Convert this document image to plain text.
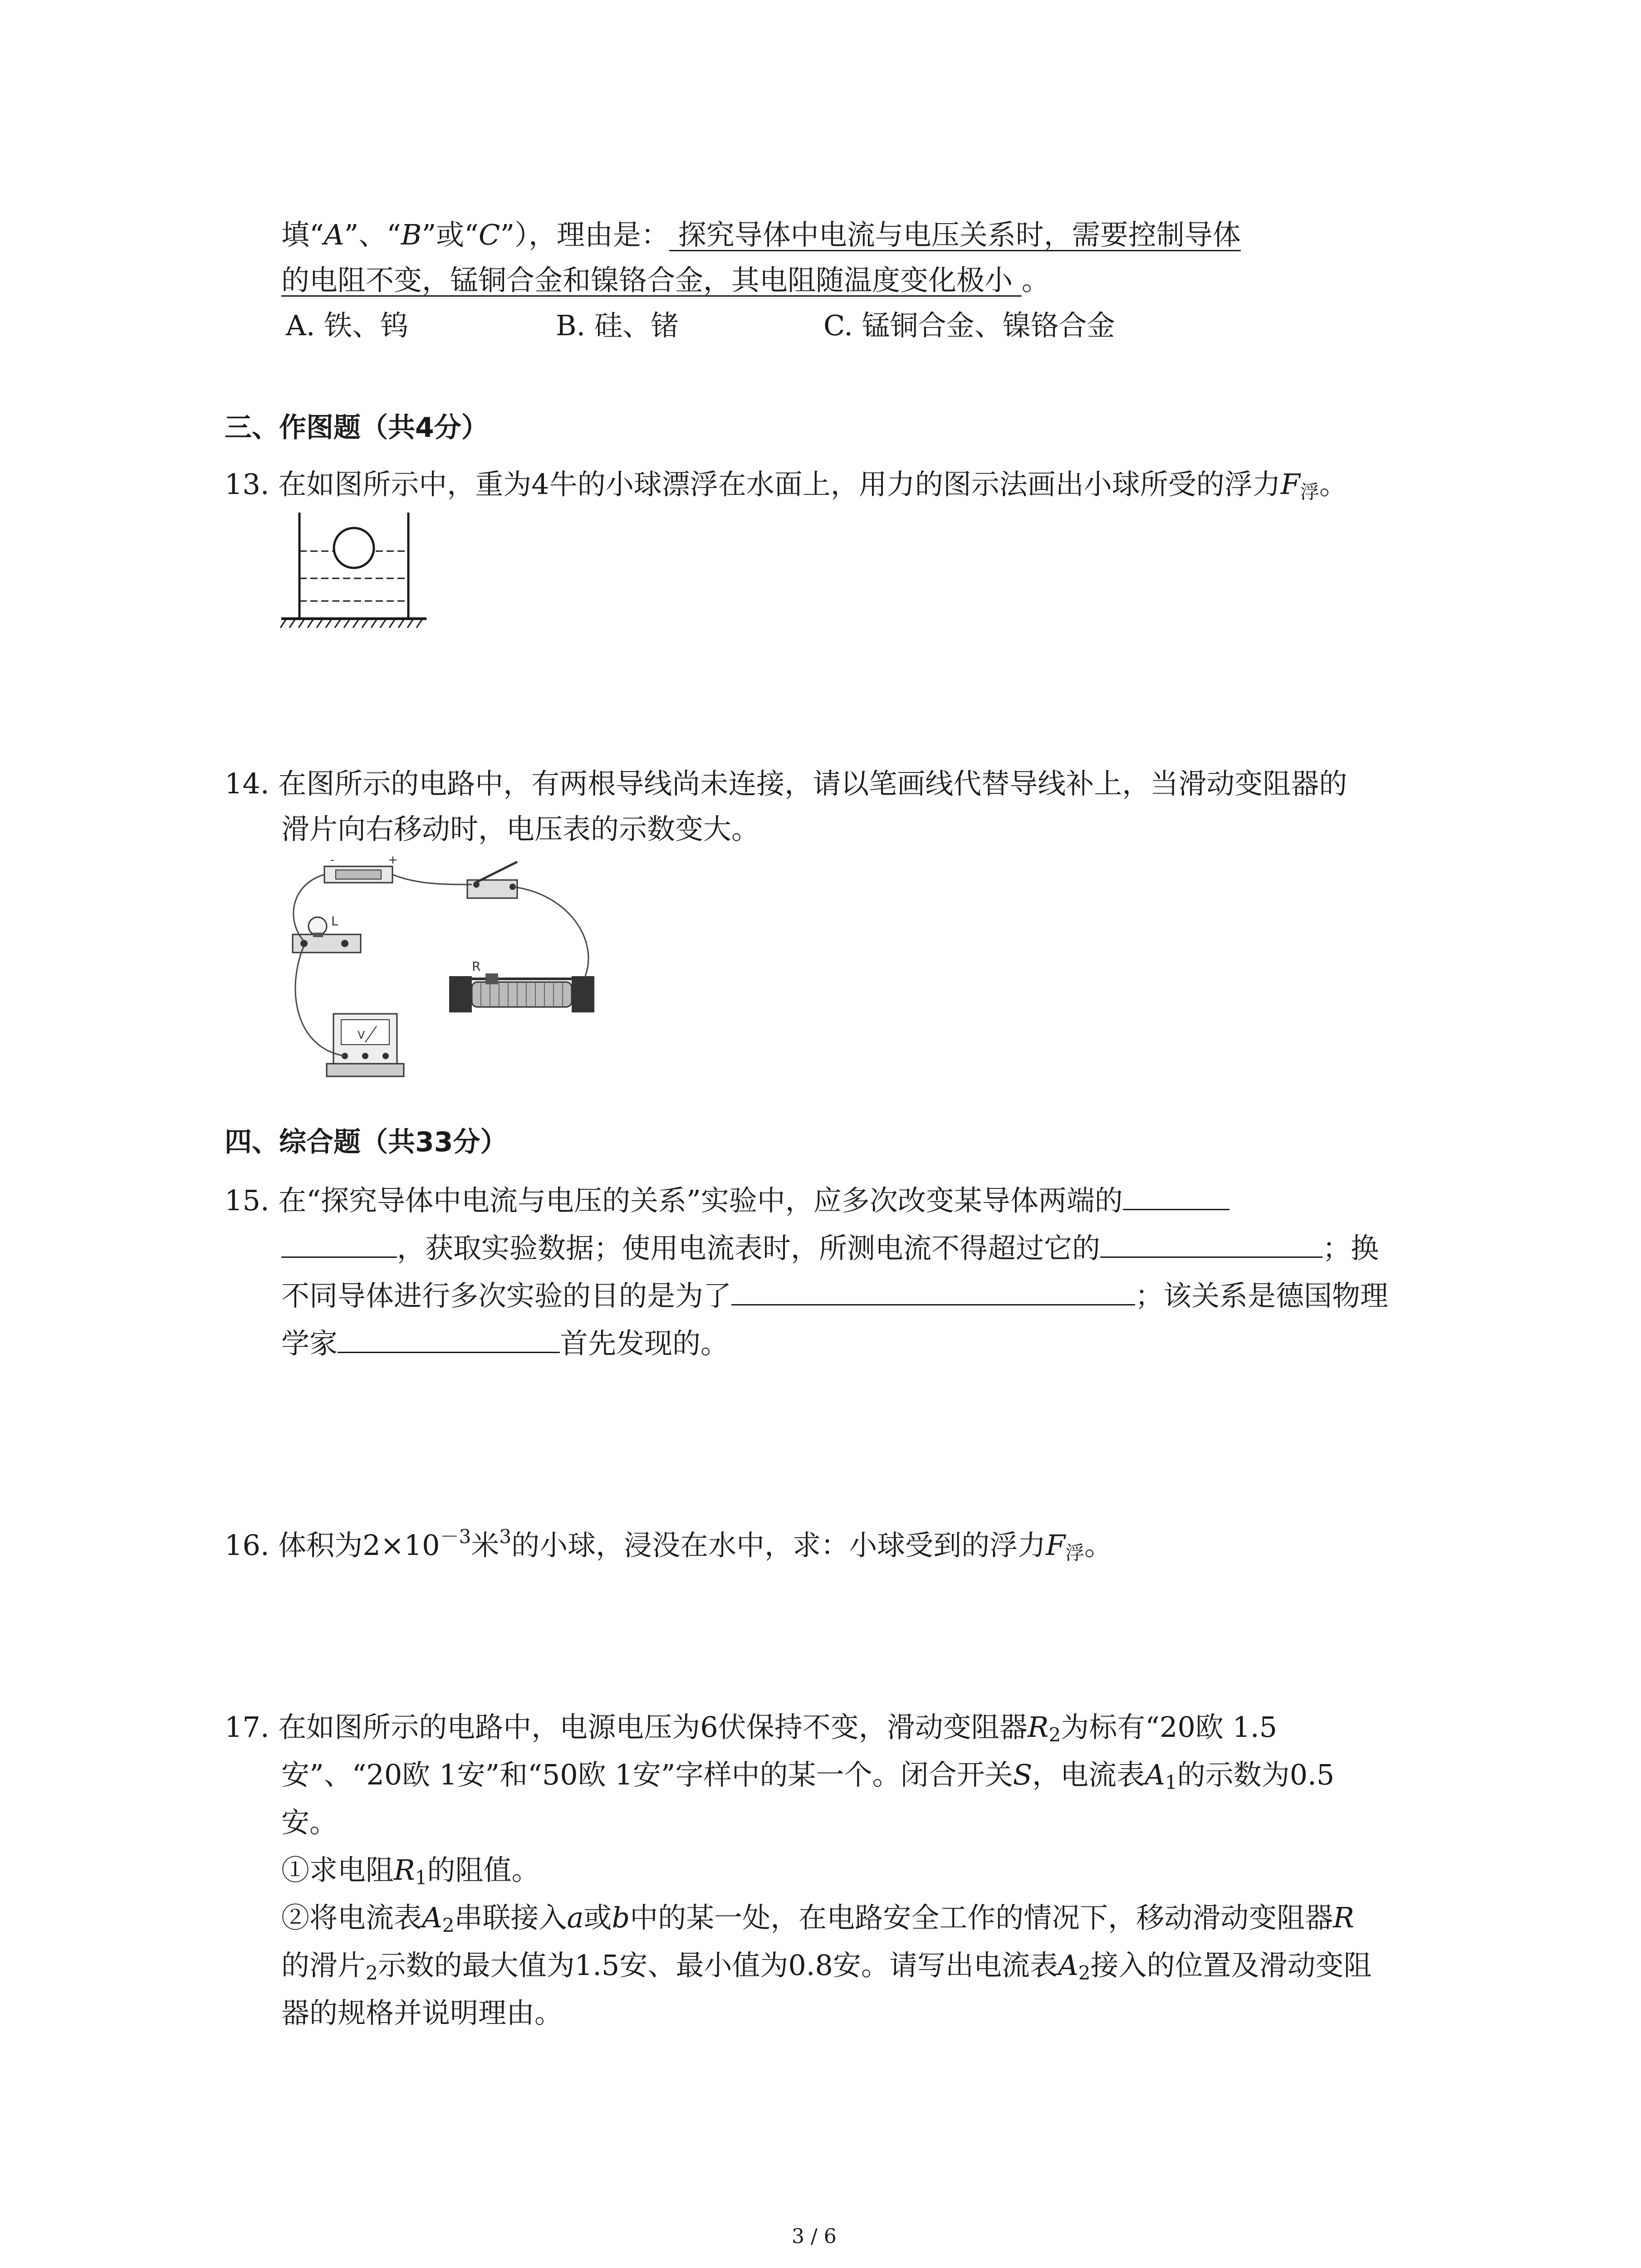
填“A”、“B”或“C”），理由是： 探究导体中电流与电压关系时，需要控制导体
的电阻不变，锰铜合金和镍铬合金，其电阻随温度变化极小 。
A. 铁、钨	B. 硅、锗	C. 锰铜合金、镍铬合金
三、作图题（共4分）
13. 在如图所示中，重为4牛的小球漂浮在水面上，用力的图示法画出小球所受的浮力$F_浮$。
14. 在图所示的电路中，有两根导线尚未连接，请以笔画线代替导线补上，当滑动变阻器的
滑片向右移动时，电压表的示数变大。
-	+
L
R
V
四、综合题（共33分）
15. 在“探究导体中电流与电压的关系”实验中，应多次改变某导体两端的
，获取实验数据；使用电流表时，所测电流不得超过它的	；换
不同导体进行多次实验的目的是为了	；该关系是德国物理
学家	首先发现的。
16. 体积为$2\times 10^{-3}$米$^3$的小球，浸没在水中，求：小球受到的浮力$F_浮$。
17. 在如图所示的电路中，电源电压为6伏保持不变，滑动变阻器$R_2$为标有“20欧 1.5
安”、“20欧 1安”和“50欧 1安”字样中的某一个。闭合开关S，电流表$A_1$的示数为0.5
安。
①求电阻$R_1$的阻值。
②将电流表$A_2$串联接入a或b中的某一处，在电路安全工作的情况下，移动滑动变阻器R
的滑片$_2$示数的最大值为1.5安、最小值为0.8安。请写出电流表$A_2$接入的位置及滑动变阻
器的规格并说明理由。
3 / 6
